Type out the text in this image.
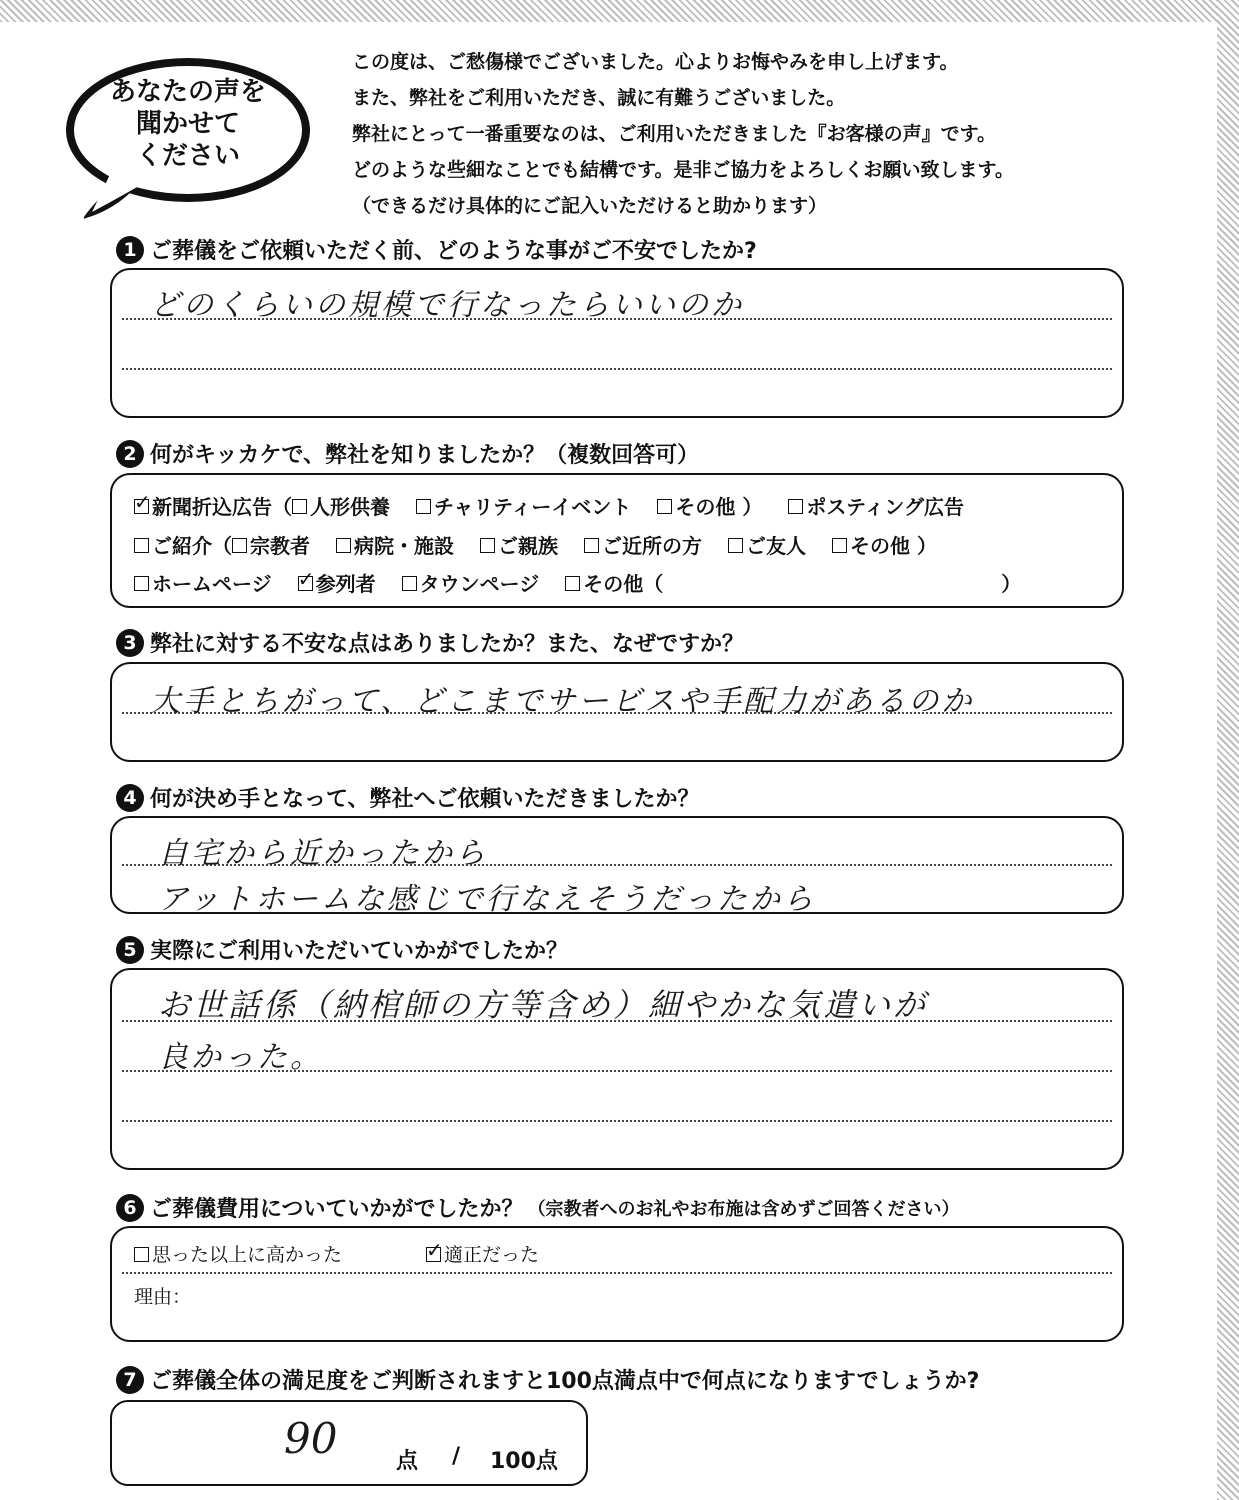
あなたの声を
聞かせて
ください
この度は、ご愁傷様でございました。心よりお悔やみを申し上げます。
また、弊社をご利用いただき、誠に有難うございました。
弊社にとって一番重要なのは、ご利用いただきました『お客様の声』です。
どのような些細なことでも結構です。是非ご協力をよろしくお願い致します。
（できるだけ具体的にご記入いただけると助かります）
1 ご葬儀をご依頼いただく前、どのような事がご不安でしたか?
どのくらいの規模で行なったらいいのか
2 何がキッカケで、弊社を知りましたか？（複数回答可）
✓
新聞折込広告（ 人形供養 チャリティーイベント その他 ） ポスティング広告
ご紹介（ 宗教者 病院・施設 ご親族 ご近所の方 ご友人 その他 ）
ホームページ ✓ 参列者 タウンページ その他（	）
3 弊社に対する不安な点はありましたか？また、なぜですか？
大手とちがって、どこまでサービスや手配力があるのか
4 何が決め手となって、弊社へご依頼いただきましたか？
自宅から近かったから
アットホームな感じで行なえそうだったから
5 実際にご利用いただいていかがでしたか？
お世話係（納棺師の方等含め）細やかな気遣いが
良かった。
6 ご葬儀費用についていかがでしたか？ （宗教者へのお礼やお布施は含めずご回答ください）
思った以上に高かった ✓	適正だった
理由：
7 ご葬儀全体の満足度をご判断されますと100点満点中で何点になりますでしょうか?
90	点 / 100点
